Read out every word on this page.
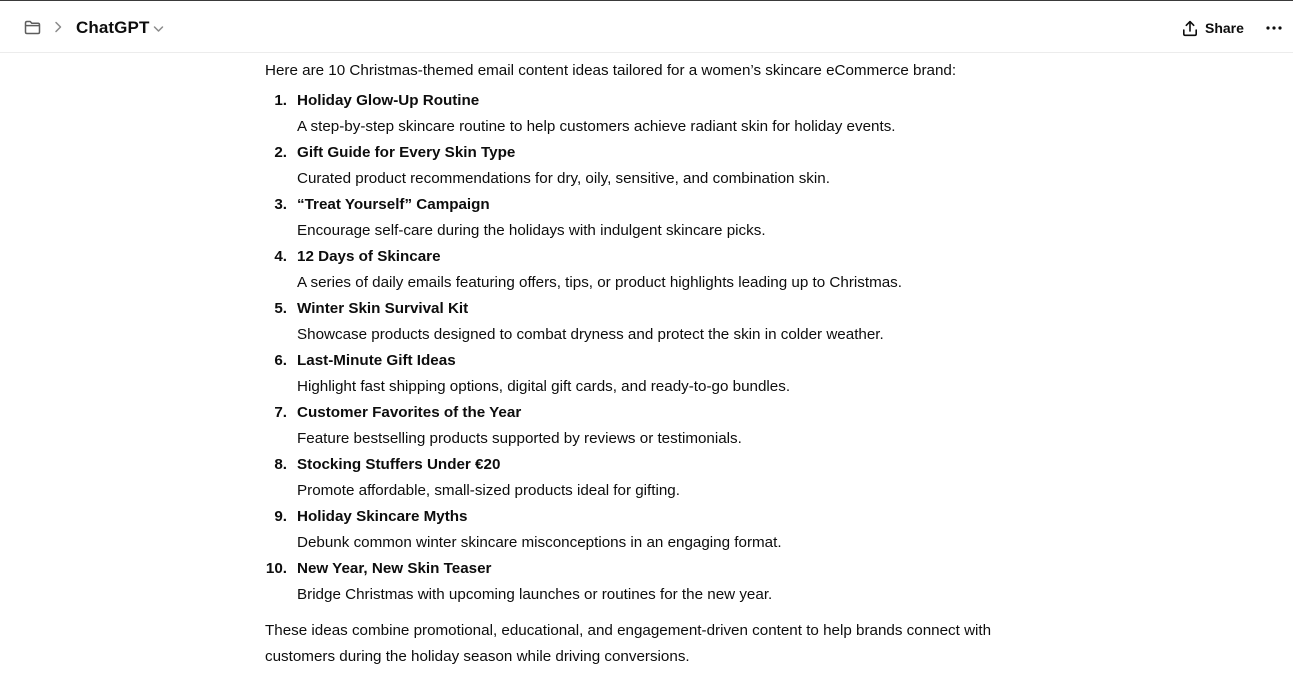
ChatGPT	Share

Here are 10 Christmas-themed email content ideas tailored for a women’s skincare eCommerce brand:

1. Holiday Glow-Up Routine
A step-by-step skincare routine to help customers achieve radiant skin for holiday events.
2. Gift Guide for Every Skin Type
Curated product recommendations for dry, oily, sensitive, and combination skin.
3. “Treat Yourself” Campaign
Encourage self-care during the holidays with indulgent skincare picks.
4. 12 Days of Skincare
A series of daily emails featuring offers, tips, or product highlights leading up to Christmas.
5. Winter Skin Survival Kit
Showcase products designed to combat dryness and protect the skin in colder weather.
6. Last-Minute Gift Ideas
Highlight fast shipping options, digital gift cards, and ready-to-go bundles.
7. Customer Favorites of the Year
Feature bestselling products supported by reviews or testimonials.
8. Stocking Stuffers Under €20
Promote affordable, small-sized products ideal for gifting.
9. Holiday Skincare Myths
Debunk common winter skincare misconceptions in an engaging format.
10. New Year, New Skin Teaser
Bridge Christmas with upcoming launches or routines for the new year.

These ideas combine promotional, educational, and engagement-driven content to help brands connect with customers during the holiday season while driving conversions.
